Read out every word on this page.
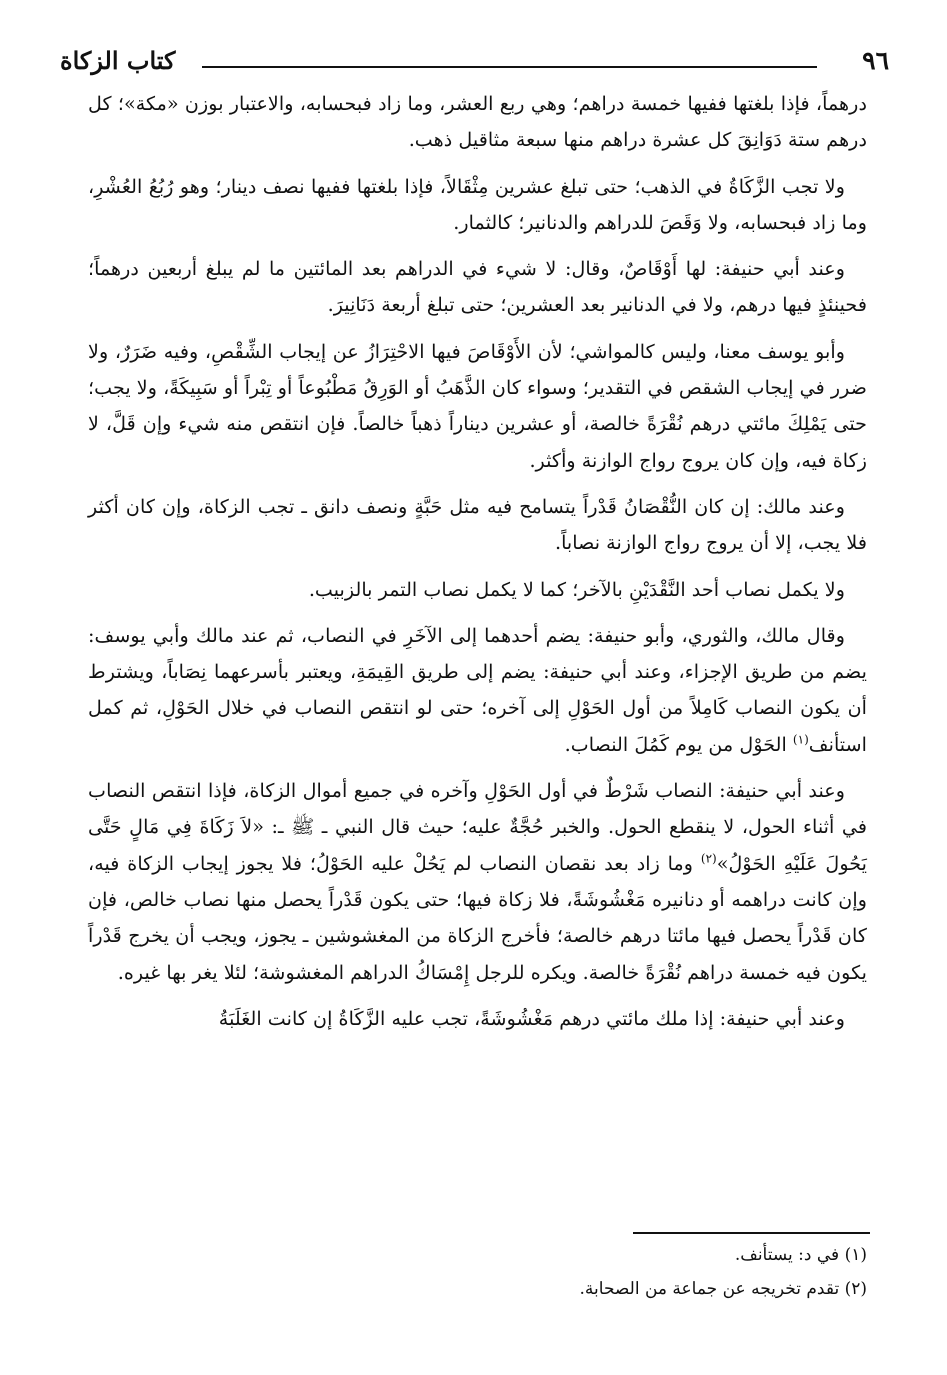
كتاب الزكاة	٩٦

درهماً، فإذا بلغتها ففيها خمسة دراهم؛ وهي ربع العشر، وما زاد فبحسابه، والاعتبار بوزن «مكة»؛ كل درهم ستة دَوَانِقَ كل عشرة دراهم منها سبعة مثاقيل ذهب.

ولا تجب الزَّكَاةُ في الذهب؛ حتى تبلغ عشرين مِثْقَالاً، فإذا بلغتها ففيها نصف دينار؛ وهو رُبُعُ العُشْرِ، وما زاد فبحسابه، ولا وَقَصَ للدراهم والدنانير؛ كالثمار.

وعند أبي حنيفة: لها أَوْقَاصٌ، وقال: لا شيء في الدراهم بعد المائتين ما لم يبلغ أربعين درهماً؛ فحينئذٍ فيها درهم، ولا في الدنانير بعد العشرين؛ حتى تبلغ أربعة دَنَانِيرَ.

وأبو يوسف معنا، وليس كالمواشي؛ لأن الأَوْقَاصَ فيها الاحْتِرَازُ عن إيجاب الشِّقْصِ، وفيه ضَرَرٌ، ولا ضرر في إيجاب الشقص في التقدير؛ وسواء كان الذَّهَبُ أو الوَرِقُ مَطْبُوعاً أو تِبْراً أو سَبِيكَةً، ولا يجب؛ حتى يَمْلِكَ مائتي درهم نُقْرَةً خالصة، أو عشرين ديناراً ذهباً خالصاً. فإن انتقص منه شيء وإن قَلَّ، لا زكاة فيه، وإن كان يروج رواج الوازنة وأكثر.

وعند مالك: إن كان النُّقْصَانُ قَدْراً يتسامح فيه مثل حَبَّةٍ ونصف دانق ـ تجب الزكاة، وإن كان أكثر فلا يجب، إلا أن يروج رواج الوازنة نصاباً.

ولا يكمل نصاب أحد النَّقْدَيْنِ بالآخر؛ كما لا يكمل نصاب التمر بالزبيب.

وقال مالك، والثوري، وأبو حنيفة: يضم أحدهما إلى الآخَرِ في النصاب، ثم عند مالك وأبي يوسف: يضم من طريق الإجزاء، وعند أبي حنيفة: يضم إلى طريق القِيمَةِ، ويعتبر بأسرعهما نِصَاباً، ويشترط أن يكون النصاب كَامِلاً من أول الحَوْلِ إلى آخره؛ حتى لو انتقص النصاب في خلال الحَوْلِ، ثم كمل استأنف$^{(١)}$ الحَوْل من يوم كَمُلَ النصاب.

وعند أبي حنيفة: النصاب شَرْطٌ في أول الحَوْلِ وآخره في جميع أموال الزكاة، فإذا انتقص النصاب في أثناء الحول، لا ينقطع الحول. والخبر حُجَّةٌ عليه؛ حيث قال النبي ـ ﷺ ـ: «لاَ زَكَاةَ فِي مَالٍ حَتَّى يَحُولَ عَلَيْهِ الحَوْلُ»$^{(٢)}$ وما زاد بعد نقصان النصاب لم يَحُلْ عليه الحَوْلُ؛ فلا يجوز إيجاب الزكاة فيه، وإن كانت دراهمه أو دنانيره مَغْشُوشَةً، فلا زكاة فيها؛ حتى يكون قَدْراً يحصل منها نصاب خالص، فإن كان قَدْراً يحصل فيها مائتا درهم خالصة؛ فأخرج الزكاة من المغشوشين ـ يجوز، ويجب أن يخرج قَدْراً يكون فيه خمسة دراهم نُقْرَةً خالصة. ويكره للرجل إِمْسَاكُ الدراهم المغشوشة؛ لئلا يغر بها غيره.

وعند أبي حنيفة: إذا ملك مائتي درهم مَغْشُوشَةً، تجب عليه الزَّكَاةُ إن كانت الغَلَبَةُ

(١) في د: يستأنف.

(٢) تقدم تخريجه عن جماعة من الصحابة.
